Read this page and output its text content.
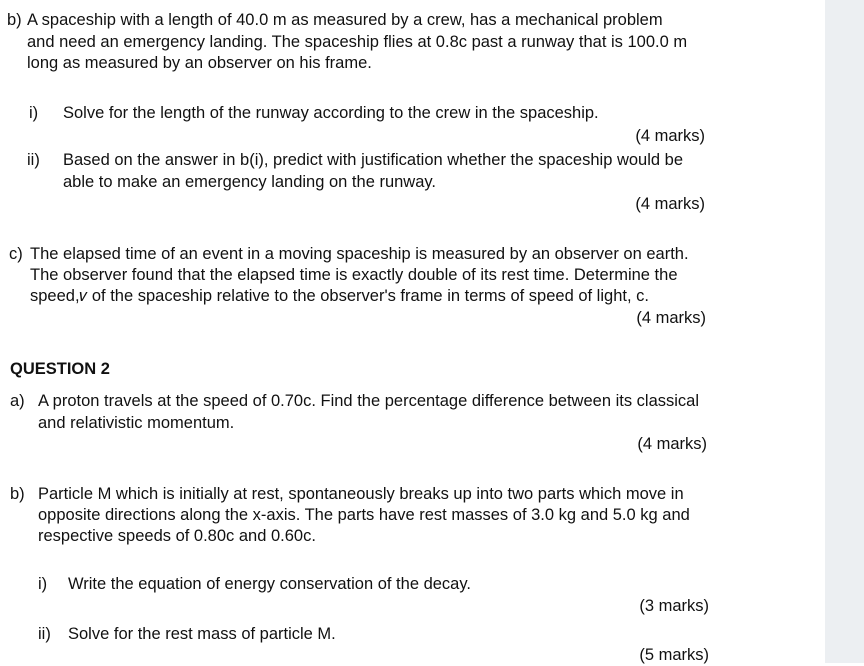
b) A spaceship with a length of 40.0 m as measured by a crew, has a mechanical problem
and need an emergency landing. The spaceship flies at 0.8c past a runway that is 100.0 m
long as measured by an observer on his frame.
i) Solve for the length of the runway according to the crew in the spaceship.
(4 marks)
ii) Based on the answer in b(i), predict with justification whether the spaceship would be
able to make an emergency landing on the runway.
(4 marks)
c) The elapsed time of an event in a moving spaceship is measured by an observer on earth.
The observer found that the elapsed time is exactly double of its rest time. Determine the
speed,𝑣 of the spaceship relative to the observer's frame in terms of speed of light, c.
(4 marks)
QUESTION 2
a) A proton travels at the speed of 0.70c. Find the percentage difference between its classical
and relativistic momentum.
(4 marks)
b) Particle M which is initially at rest, spontaneously breaks up into two parts which move in
opposite directions along the x-axis. The parts have rest masses of 3.0 kg and 5.0 kg and
respective speeds of 0.80c and 0.60c.
i) Write the equation of energy conservation of the decay.
(3 marks)
ii) Solve for the rest mass of particle M.
(5 marks)
